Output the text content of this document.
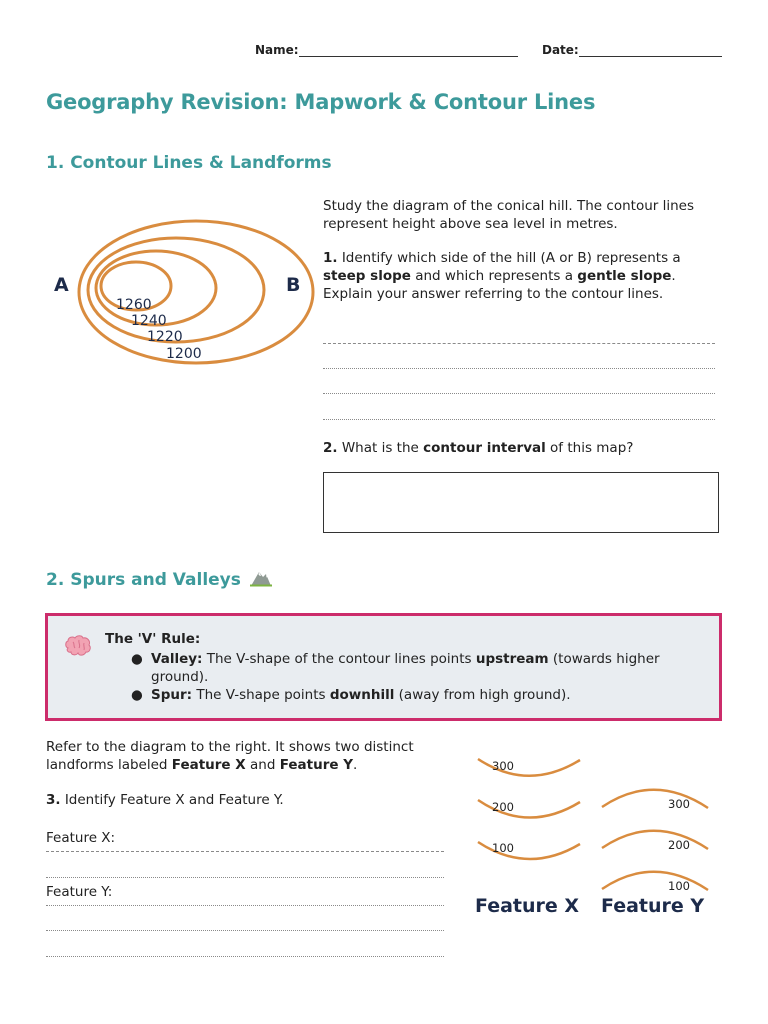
Name:	Date:
Geography Revision: Mapwork & Contour Lines
1. Contour Lines & Landforms
A	B
1260
1240
1220
1200
Study the diagram of the conical hill. The contour lines represent height above sea level in metres.
1. Identify which side of the hill (A or B) represents a steep slope and which represents a gentle slope. Explain your answer referring to the contour lines.
2. What is the contour interval of this map?
2. Spurs and Valleys
The 'V' Rule:
● Valley: The V-shape of the contour lines points upstream (towards higher ground).
● Spur: The V-shape points downhill (away from high ground).
Refer to the diagram to the right. It shows two distinct landforms labeled Feature X and Feature Y.
3. Identify Feature X and Feature Y.
Feature X:
Feature Y:
300
200
100
300
200
100
Feature X Feature Y
